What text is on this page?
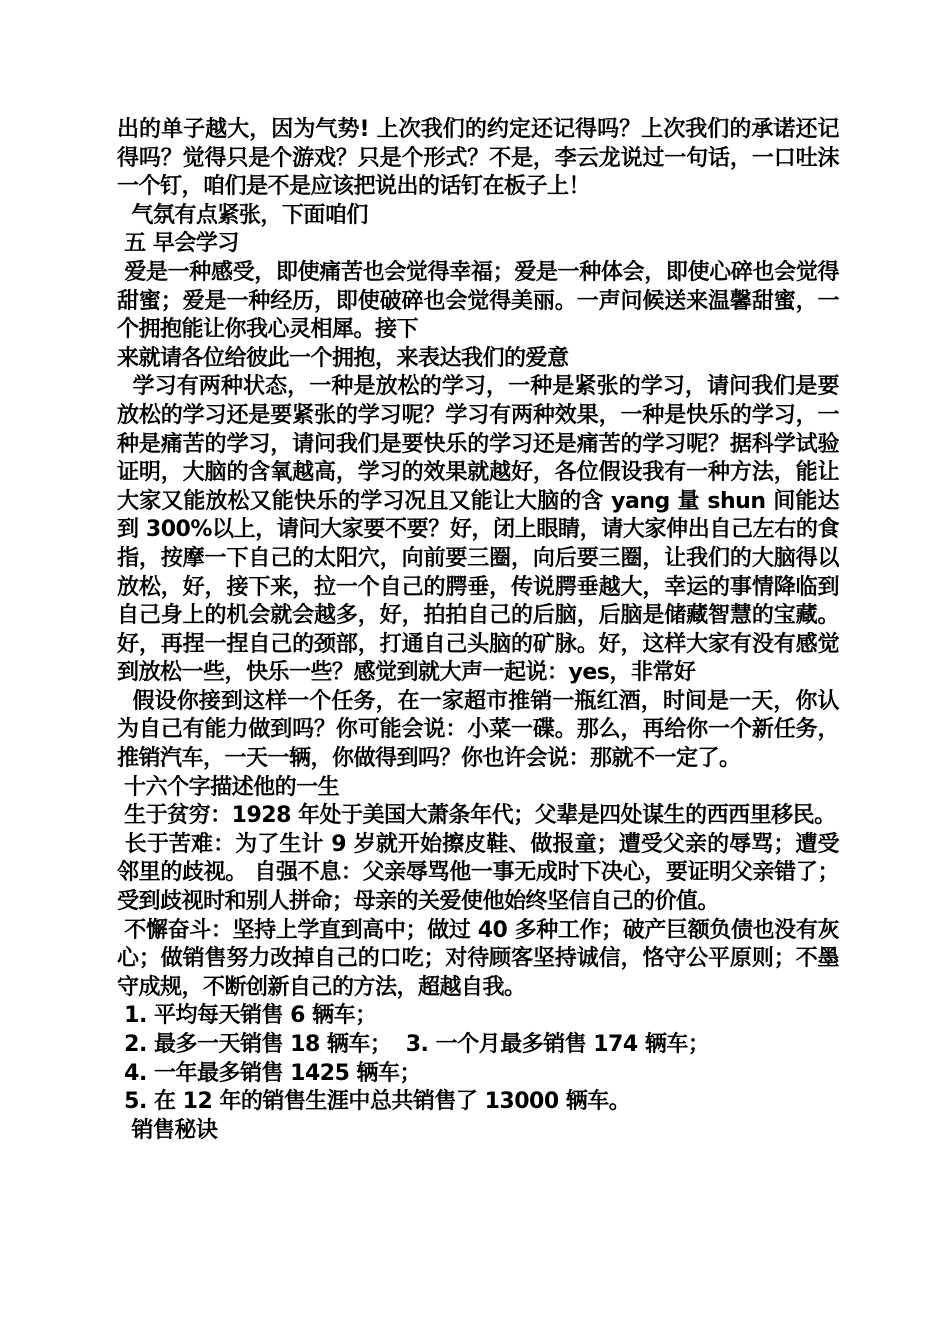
出的单子越大，因为气势! 上次我们的约定还记得吗？上次我们的承诺还记得吗？觉得只是个游戏？只是个形式？不是，李云龙说过一句话，一口吐沫一个钉，咱们是不是应该把说出的话钉在板子上！

气氛有点紧张，下面咱们

五 早会学习

爱是一种感受，即使痛苦也会觉得幸福；爱是一种体会，即使心碎也会觉得甜蜜；爱是一种经历，即使破碎也会觉得美丽。一声问候送来温馨甜蜜，一个拥抱能让你我心灵相犀。接下

来就请各位给彼此一个拥抱，来表达我们的爱意

学习有两种状态，一种是放松的学习，一种是紧张的学习，请问我们是要放松的学习还是要紧张的学习呢？学习有两种效果，一种是快乐的学习，一种是痛苦的学习，请问我们是要快乐的学习还是痛苦的学习呢？据科学试验证明，大脑的含氧越高，学习的效果就越好，各位假设我有一种方法，能让大家又能放松又能快乐的学习况且又能让大脑的含 yang 量 shun 间能达到 300%以上，请问大家要不要？好，闭上眼睛，请大家伸出自己左右的食指，按摩一下自己的太阳穴，向前要三圈，向后要三圈，让我们的大脑得以放松，好，接下来，拉一个自己的腭垂，传说腭垂越大，幸运的事情降临到自己身上的机会就会越多，好，拍拍自己的后脑，后脑是储藏智慧的宝藏。好，再捏一捏自己的颈部，打通自己头脑的矿脉。好，这样大家有没有感觉到放松一些，快乐一些？感觉到就大声一起说：yes，非常好

假设你接到这样一个任务，在一家超市推销一瓶红酒，时间是一天，你认为自己有能力做到吗？你可能会说：小菜一碟。那么，再给你一个新任务，推销汽车，一天一辆，你做得到吗？你也许会说：那就不一定了。

十六个字描述他的一生

生于贫穷：1928 年处于美国大萧条年代；父辈是四处谋生的西西里移民。

长于苦难：为了生计 9 岁就开始擦皮鞋、做报童；遭受父亲的辱骂；遭受邻里的歧视。 自强不息：父亲辱骂他一事无成时下决心，要证明父亲错了；受到歧视时和别人拼命；母亲的关爱使他始终坚信自己的价值。

不懈奋斗：坚持上学直到高中；做过 40 多种工作；破产巨额负债也没有灰心；做销售努力改掉自己的口吃；对待顾客坚持诚信，恪守公平原则；不墨守成规，不断创新自己的方法，超越自我。

1. 平均每天销售 6 辆车；

2. 最多一天销售 18 辆车；  3. 一个月最多销售 174 辆车；

4. 一年最多销售 1425 辆车；

5. 在 12 年的销售生涯中总共销售了 13000 辆车。

销售秘诀
